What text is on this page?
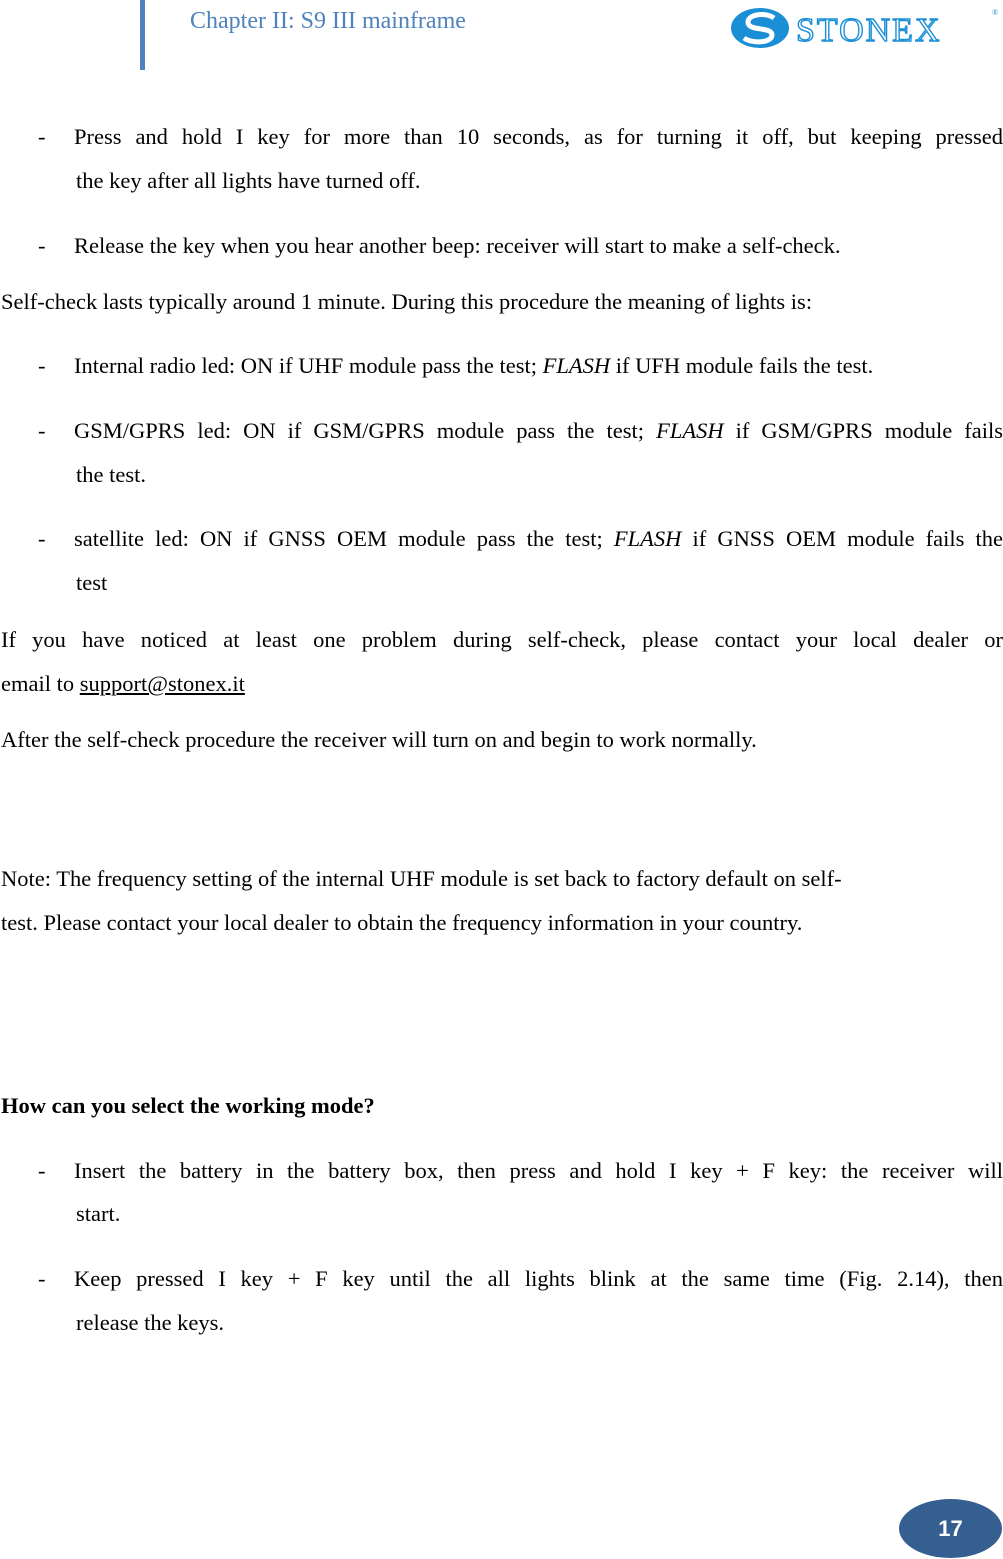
Chapter II: S9 III mainframe	STONEX	®
- Press and hold I key for more than 10 seconds, as for turning it off, but keeping pressed
the key after all lights have turned off.
- Release the key when you hear another beep: receiver will start to make a self-check.
Self-check lasts typically around 1 minute. During this procedure the meaning of lights is:
- Internal radio led: ON if UHF module pass the test; FLASH if UFH module fails the test.
- GSM/GPRS led: ON if GSM/GPRS module pass the test; FLASH if GSM/GPRS module fails
the test.
- satellite led: ON if GNSS OEM module pass the test; FLASH if GNSS OEM module fails the
test
If you have noticed at least one problem during self-check, please contact your local dealer or
email to support@stonex.it
After the self-check procedure the receiver will turn on and begin to work normally.
Note: The frequency setting of the internal UHF module is set back to factory default on self-
test. Please contact your local dealer to obtain the frequency information in your country.
How can you select the working mode?
- Insert the battery in the battery box, then press and hold I key + F key: the receiver will
start.
- Keep pressed I key + F key until the all lights blink at the same time (Fig. 2.14), then
release the keys.
17
